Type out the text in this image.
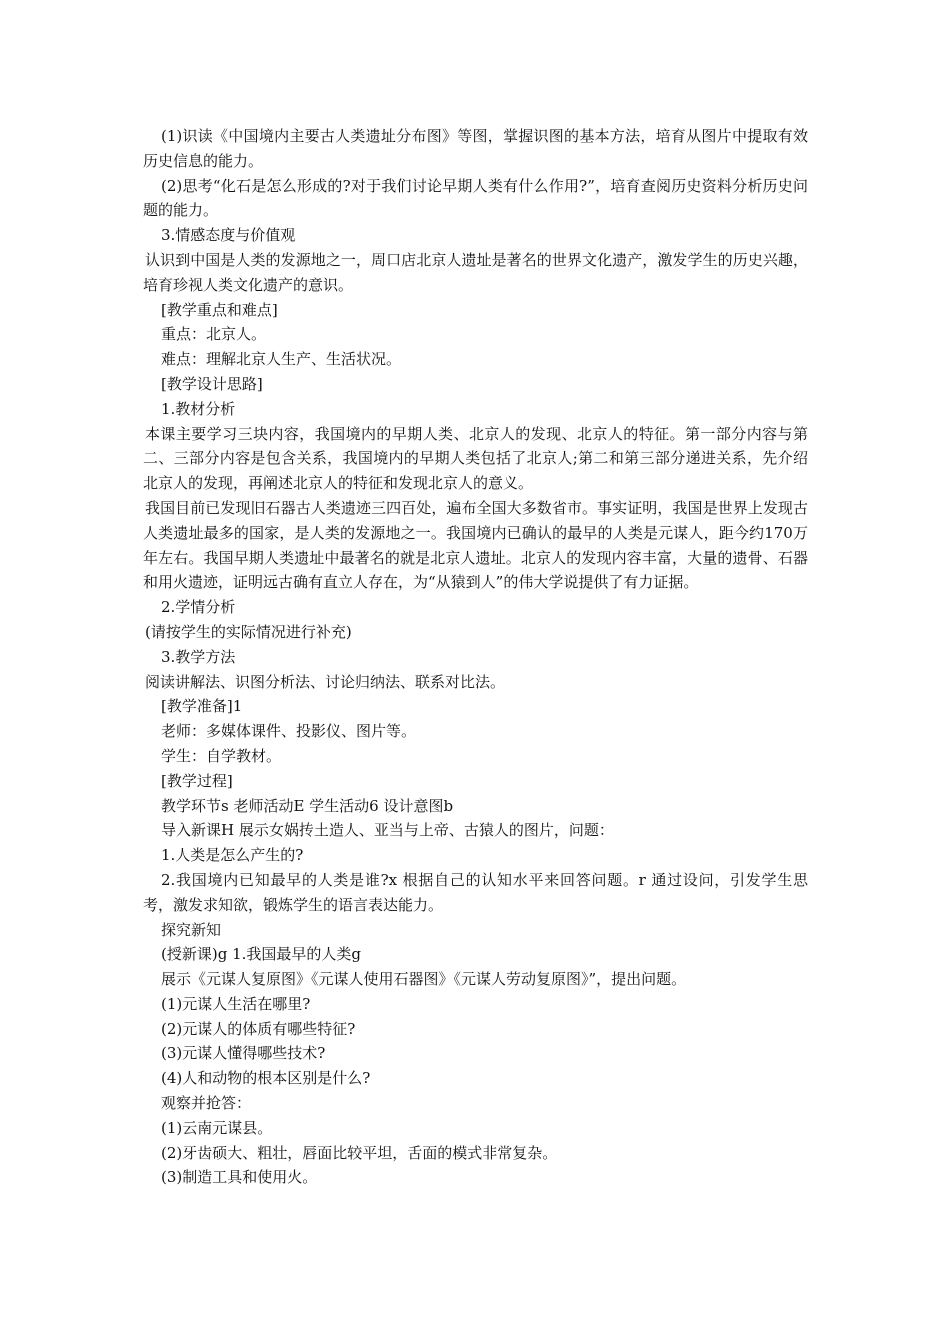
(1)识读《中国境内主要古人类遗址分布图》等图，掌握识图的基本方法，培育从图片中提取有效历史信息的能力。

(2)思考“化石是怎么形成的?对于我们讨论早期人类有什么作用?”，培育查阅历史资料分析历史问题的能力。

3.情感态度与价值观

认识到中国是人类的发源地之一，周口店北京人遗址是著名的世界文化遗产，激发学生的历史兴趣，培育珍视人类文化遗产的意识。

[教学重点和难点]

重点：北京人。

难点：理解北京人生产、生活状况。

[教学设计思路]

1.教材分析

本课主要学习三块内容，我国境内的早期人类、北京人的发现、北京人的特征。第一部分内容与第二、三部分内容是包含关系，我国境内的早期人类包括了北京人;第二和第三部分递进关系，先介绍北京人的发现，再阐述北京人的特征和发现北京人的意义。

我国目前已发现旧石器古人类遗迹三四百处，遍布全国大多数省市。事实证明，我国是世界上发现古人类遗址最多的国家，是人类的发源地之一。我国境内已确认的最早的人类是元谋人，距今约170万年左右。我国早期人类遗址中最著名的就是北京人遗址。北京人的发现内容丰富，大量的遗骨、石器和用火遗迹，证明远古确有直立人存在，为“从猿到人”的伟大学说提供了有力证据。

2.学情分析

(请按学生的实际情况进行补充)

3.教学方法

阅读讲解法、识图分析法、讨论归纳法、联系对比法。

[教学准备]1

老师：多媒体课件、投影仪、图片等。

学生：自学教材。

[教学过程]

教学环节s 老师活动E 学生活动6 设计意图b

导入新课H 展示女娲抟土造人、亚当与上帝、古猿人的图片，问题：

1.人类是怎么产生的?

2.我国境内已知最早的人类是谁?x 根据自己的认知水平来回答问题。r 通过设问，引发学生思考，激发求知欲，锻炼学生的语言表达能力。

探究新知

(授新课)g 1.我国最早的人类g

展示《元谋人复原图》《元谋人使用石器图》《元谋人劳动复原图》”，提出问题。

(1)元谋人生活在哪里?

(2)元谋人的体质有哪些特征?

(3)元谋人懂得哪些技术?

(4)人和动物的根本区别是什么?

观察并抢答：

(1)云南元谋县。

(2)牙齿硕大、粗壮，唇面比较平坦，舌面的模式非常复杂。

(3)制造工具和使用火。
